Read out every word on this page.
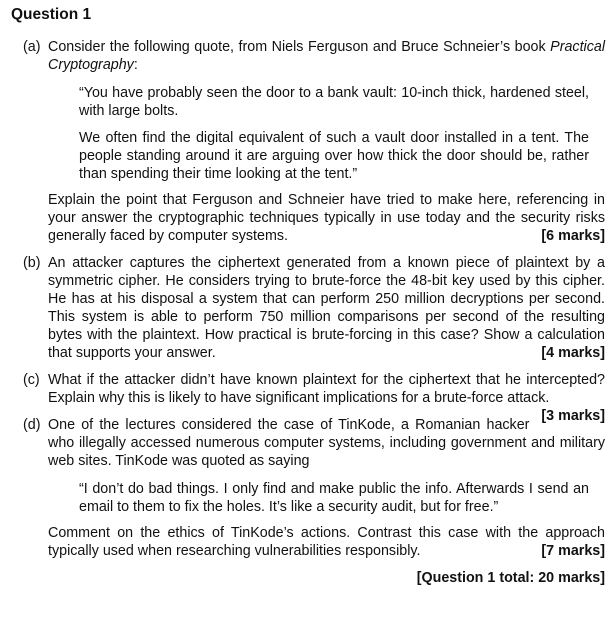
Question 1
(a) Consider the following quote, from Niels Ferguson and Bruce Schneier’s book Practical Cryptography:

“You have probably seen the door to a bank vault: 10-inch thick, hardened steel, with large bolts.

We often find the digital equivalent of such a vault door installed in a tent. The people standing around it are arguing over how thick the door should be, rather than spending their time looking at the tent.”

Explain the point that Ferguson and Schneier have tried to make here, referencing in your answer the cryptographic techniques typically in use today and the security risks generally faced by computer systems.	[6 marks]

(b) An attacker captures the ciphertext generated from a known piece of plaintext by a symmetric cipher. He considers trying to brute-force the 48-bit key used by this cipher. He has at his disposal a system that can perform 250 million decryptions per second. This system is able to perform 750 million comparisons per second of the resulting bytes with the plaintext. How practical is brute-forcing in this case? Show a calculation that supports your answer.	[4 marks]

(c) What if the attacker didn’t have known plaintext for the ciphertext that he intercepted? Explain why this is likely to have significant implications for a brute-force attack.
[3 marks]

(d) One of the lectures considered the case of TinKode, a Romanian hacker who illegally accessed numerous computer systems, including government and military web sites. TinKode was quoted as saying

“I don’t do bad things. I only find and make public the info. Afterwards I send an email to them to fix the holes. It’s like a security audit, but for free.”

Comment on the ethics of TinKode’s actions. Contrast this case with the approach typically used when researching vulnerabilities responsibly.	[7 marks]

[Question 1 total: 20 marks]
